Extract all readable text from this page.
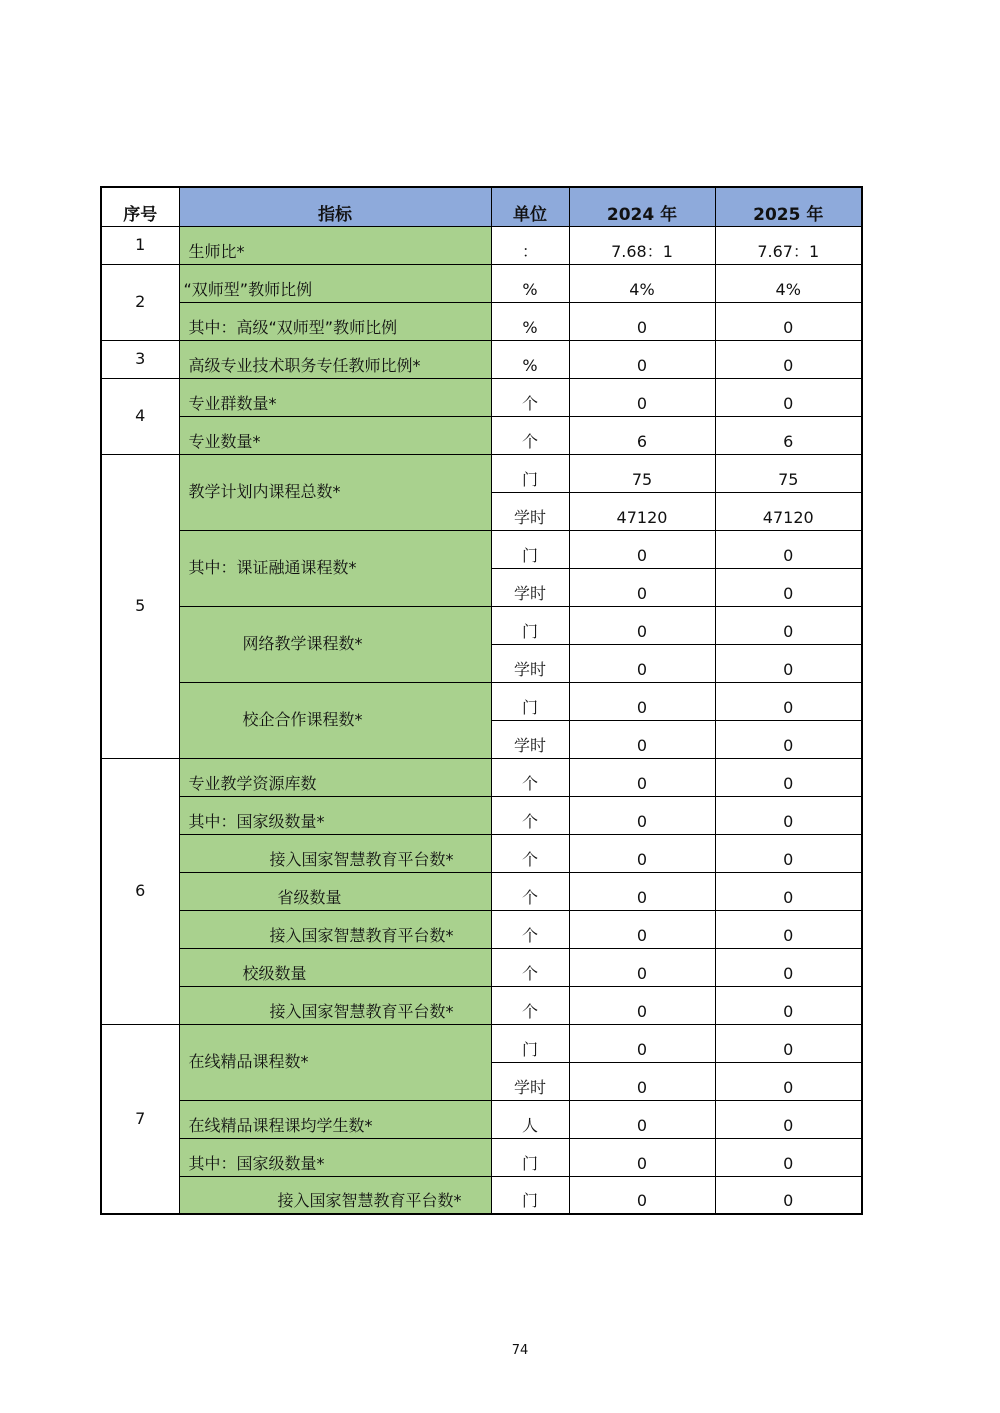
序号	指标	单位	2024 年	2025 年
1	生师比*	：	7.68：1	7.67：1
2	“双师型”教师比例	%	4%	4%
	其中：高级“双师型”教师比例	%	0	0
3	高级专业技术职务专任教师比例*	%	0	0
4	专业群数量*	个	0	0
	专业数量*	个	6	6
5	教学计划内课程总数*	门	75	75
		学时	47120	47120
	其中：课证融通课程数*	门	0	0
		学时	0	0
	网络教学课程数*	门	0	0
		学时	0	0
	校企合作课程数*	门	0	0
		学时	0	0
6	专业教学资源库数	个	0	0
	其中：国家级数量*	个	0	0
	接入国家智慧教育平台数*	个	0	0
	省级数量	个	0	0
	接入国家智慧教育平台数*	个	0	0
	校级数量	个	0	0
	接入国家智慧教育平台数*	个	0	0
7	在线精品课程数*	门	0	0
		学时	0	0
	在线精品课程课均学生数*	人	0	0
	其中：国家级数量*	门	0	0
	接入国家智慧教育平台数*	门	0	0
74
